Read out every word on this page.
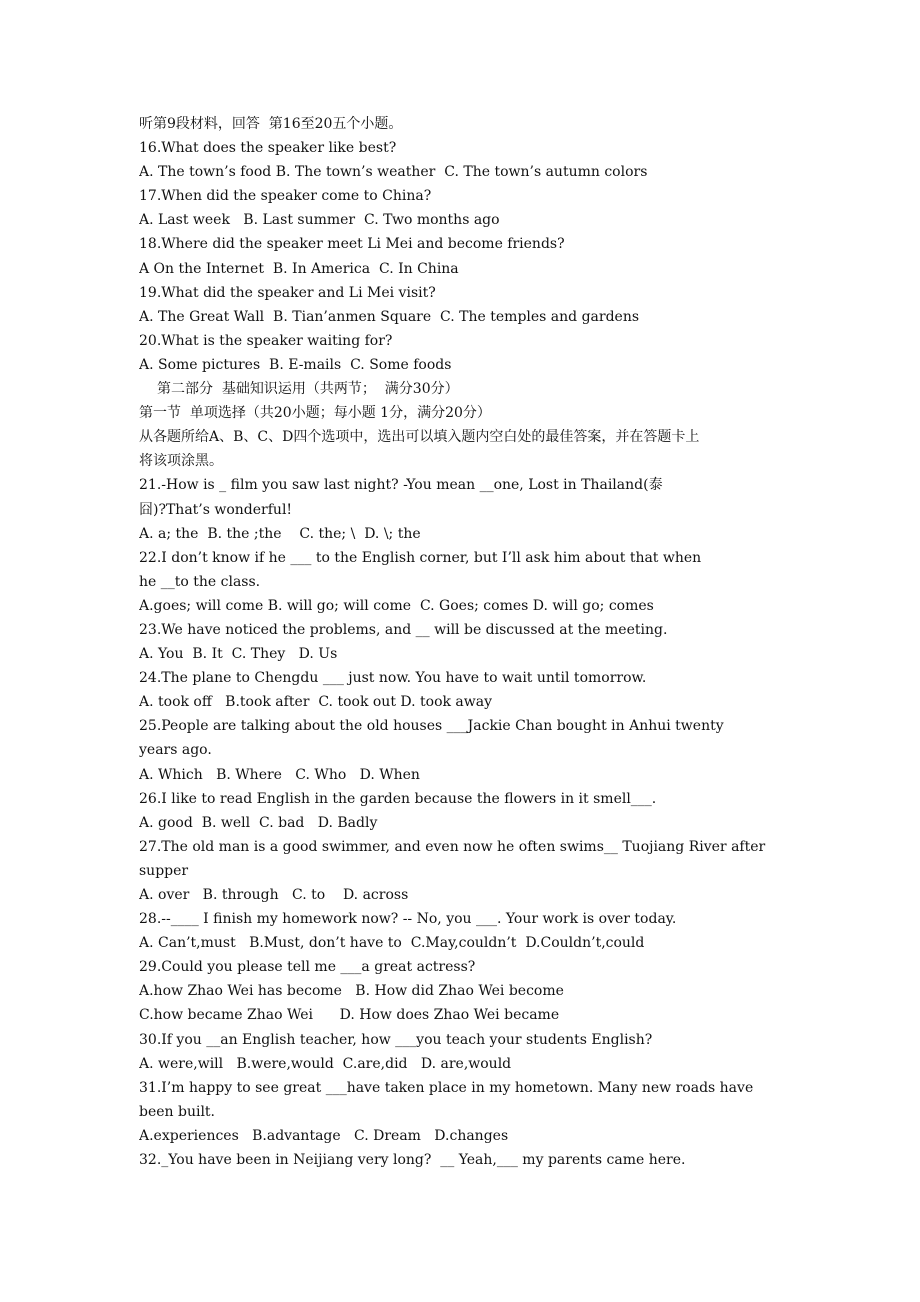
听第9段材料，回答  第16至20五个小题。

16.What does the speaker like best?

A. The town’s food B. The town’s weather  C. The town’s autumn colors

17.When did the speaker come to China?

A. Last week   B. Last summer  C. Two months ago

18.Where did the speaker meet Li Mei and become friends?

A On the Internet  B. In America  C. In China

19.What did the speaker and Li Mei visit?

A. The Great Wall  B. Tian’anmen Square  C. The temples and gardens

20.What is the speaker waiting for?

A. Some pictures  B. E-mails  C. Some foods

第二部分  基础知识运用（共两节；  满分30分）

第一节  单项选择（共20小题；每小题 1分，满分20分）

从各题所给A、B、C、D四个选项中，选出可以填入题内空白处的最佳答案，并在答题卡上

将该项涂黑。

21.-How is _ film you saw last night? -You mean __one, Lost in Thailand(泰

囧)?That’s wonderful!

A. a; the  B. the ;the    C. the; \  D. \; the

22.I don’t know if he ___ to the English corner, but I’ll ask him about that when

he __to the class.

A.goes; will come B. will go; will come  C. Goes; comes D. will go; comes

23.We have noticed the problems, and __ will be discussed at the meeting.

A. You  B. It  C. They   D. Us

24.The plane to Chengdu ___ just now. You have to wait until tomorrow.

A. took off   B.took after  C. took out D. took away

25.People are talking about the old houses ___Jackie Chan bought in Anhui twenty

years ago.

A. Which   B. Where   C. Who   D. When

26.I like to read English in the garden because the flowers in it smell___.

A. good  B. well  C. bad   D. Badly

27.The old man is a good swimmer, and even now he often swims__ Tuojiang River after

supper

A. over   B. through   C. to    D. across

28.--____ I finish my homework now? -- No, you ___. Your work is over today.

A. Can’t,must   B.Must, don’t have to  C.May,couldn’t  D.Couldn’t,could

29.Could you please tell me ___a great actress?

A.how Zhao Wei has become   B. How did Zhao Wei become

C.how became Zhao Wei      D. How does Zhao Wei became

30.If you __an English teacher, how ___you teach your students English?

A. were,will   B.were,would  C.are,did   D. are,would

31.I’m happy to see great ___have taken place in my hometown. Many new roads have

been built.

A.experiences   B.advantage   C. Dream   D.changes

32._You have been in Neijiang very long?  __ Yeah,___ my parents came here.
